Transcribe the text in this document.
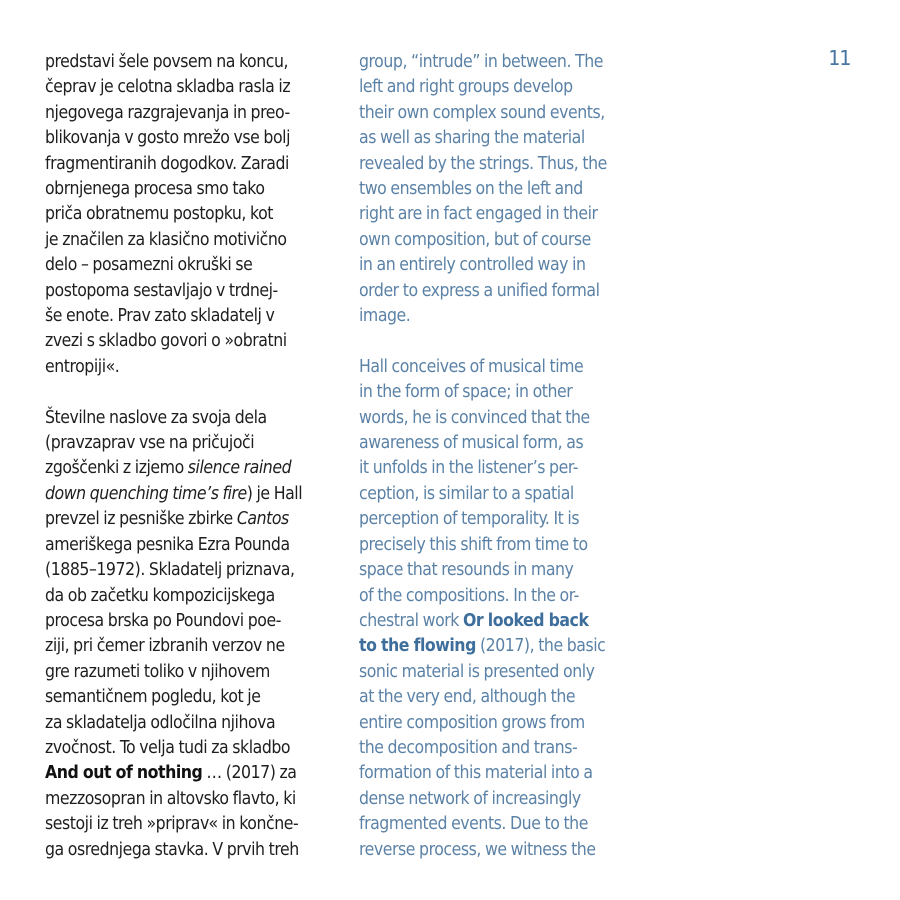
11
predstavi šele povsem na koncu,
čeprav je celotna skladba rasla iz
njegovega razgrajevanja in preo-
blikovanja v gosto mrežo vse bolj
fragmentiranih dogodkov. Zaradi
obrnjenega procesa smo tako
priča obratnemu postopku, kot
je značilen za klasično motivično
delo – posamezni okruški se
postopoma sestavljajo v trdnej-
še enote. Prav zato skladatelj v
zvezi s skladbo govori o »obratni
entropiji«.
Številne naslove za svoja dela
(pravzaprav vse na pričujoči
zgoščenki z izjemo silence rained
down quenching time’s fire) je Hall
prevzel iz pesniške zbirke Cantos
ameriškega pesnika Ezra Pounda
(1885–1972). Skladatelj priznava,
da ob začetku kompozicijskega
procesa brska po Poundovi poe-
ziji, pri čemer izbranih verzov ne
gre razumeti toliko v njihovem
semantičnem pogledu, kot je
za skladatelja odločilna njihova
zvočnost. To velja tudi za skladbo
And out of nothing … (2017) za
mezzosopran in altovsko flavto, ki
sestoji iz treh »priprav« in končne-
ga osrednjega stavka. V prvih treh
group, “intrude” in between. The
left and right groups develop
their own complex sound events,
as well as sharing the material
revealed by the strings. Thus, the
two ensembles on the left and
right are in fact engaged in their
own composition, but of course
in an entirely controlled way in
order to express a unified formal
image.
Hall conceives of musical time
in the form of space; in other
words, he is convinced that the
awareness of musical form, as
it unfolds in the listener’s per-
ception, is similar to a spatial
perception of temporality. It is
precisely this shift from time to
space that resounds in many
of the compositions. In the or-
chestral work Or looked back
to the flowing (2017), the basic
sonic material is presented only
at the very end, although the
entire composition grows from
the decomposition and trans-
formation of this material into a
dense network of increasingly
fragmented events. Due to the
reverse process, we witness the
